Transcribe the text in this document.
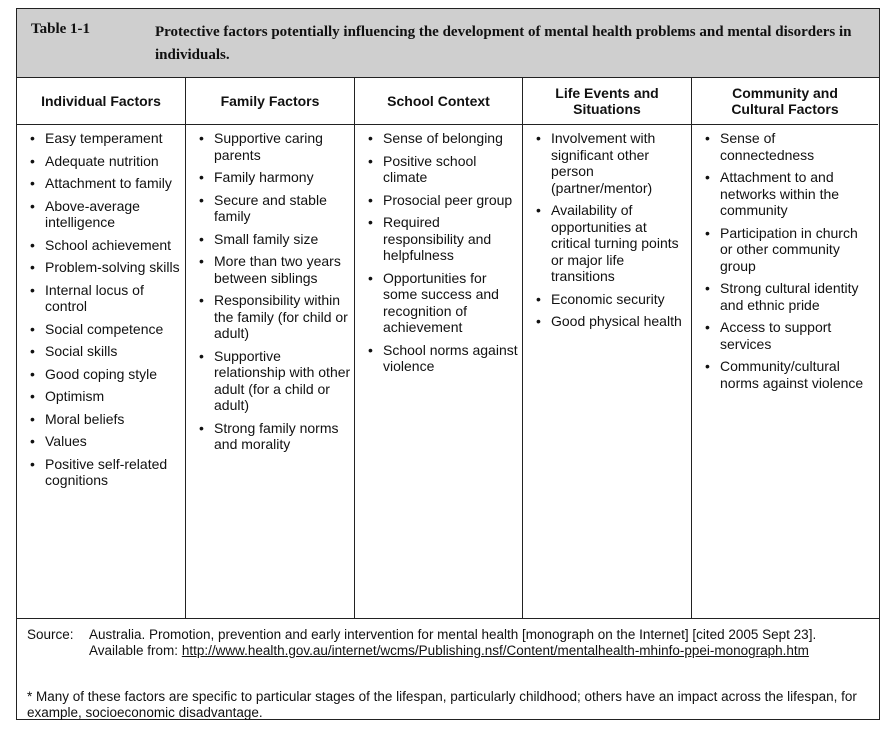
Table 1-1	Protective factors potentially influencing the development of mental health problems and mental disorders in individuals.
Individual Factors
• Easy temperament
• Adequate nutrition
• Attachment to family
• Above-average intelligence
• School achievement
• Problem-solving skills
• Internal locus of control
• Social competence
• Social skills
• Good coping style
• Optimism
• Moral beliefs
• Values
• Positive self-related cognitions
Family Factors
• Supportive caring parents
• Family harmony
• Secure and stable family
• Small family size
• More than two years between siblings
• Responsibility within the family (for child or adult)
• Supportive relationship with other adult (for a child or adult)
• Strong family norms and morality
School Context
• Sense of belonging
• Positive school climate
• Prosocial peer group
• Required responsibility and helpfulness
• Opportunities for some success and recognition of achievement
• School norms against violence
Life Events and Situations
• Involvement with significant other person (partner/mentor)
• Availability of opportunities at critical turning points or major life transitions
• Economic security
• Good physical health
Community and Cultural Factors
• Sense of connectedness
• Attachment to and networks within the community
• Participation in church or other community group
• Strong cultural identity and ethnic pride
• Access to support services
• Community/cultural norms against violence
Source: Australia. Promotion, prevention and early intervention for mental health [monograph on the Internet] [cited 2005 Sept 23]. Available from: http://www.health.gov.au/internet/wcms/Publishing.nsf/Content/mentalhealth-mhinfo-ppei-monograph.htm
* Many of these factors are specific to particular stages of the lifespan, particularly childhood; others have an impact across the lifespan, for example, socioeconomic disadvantage.
